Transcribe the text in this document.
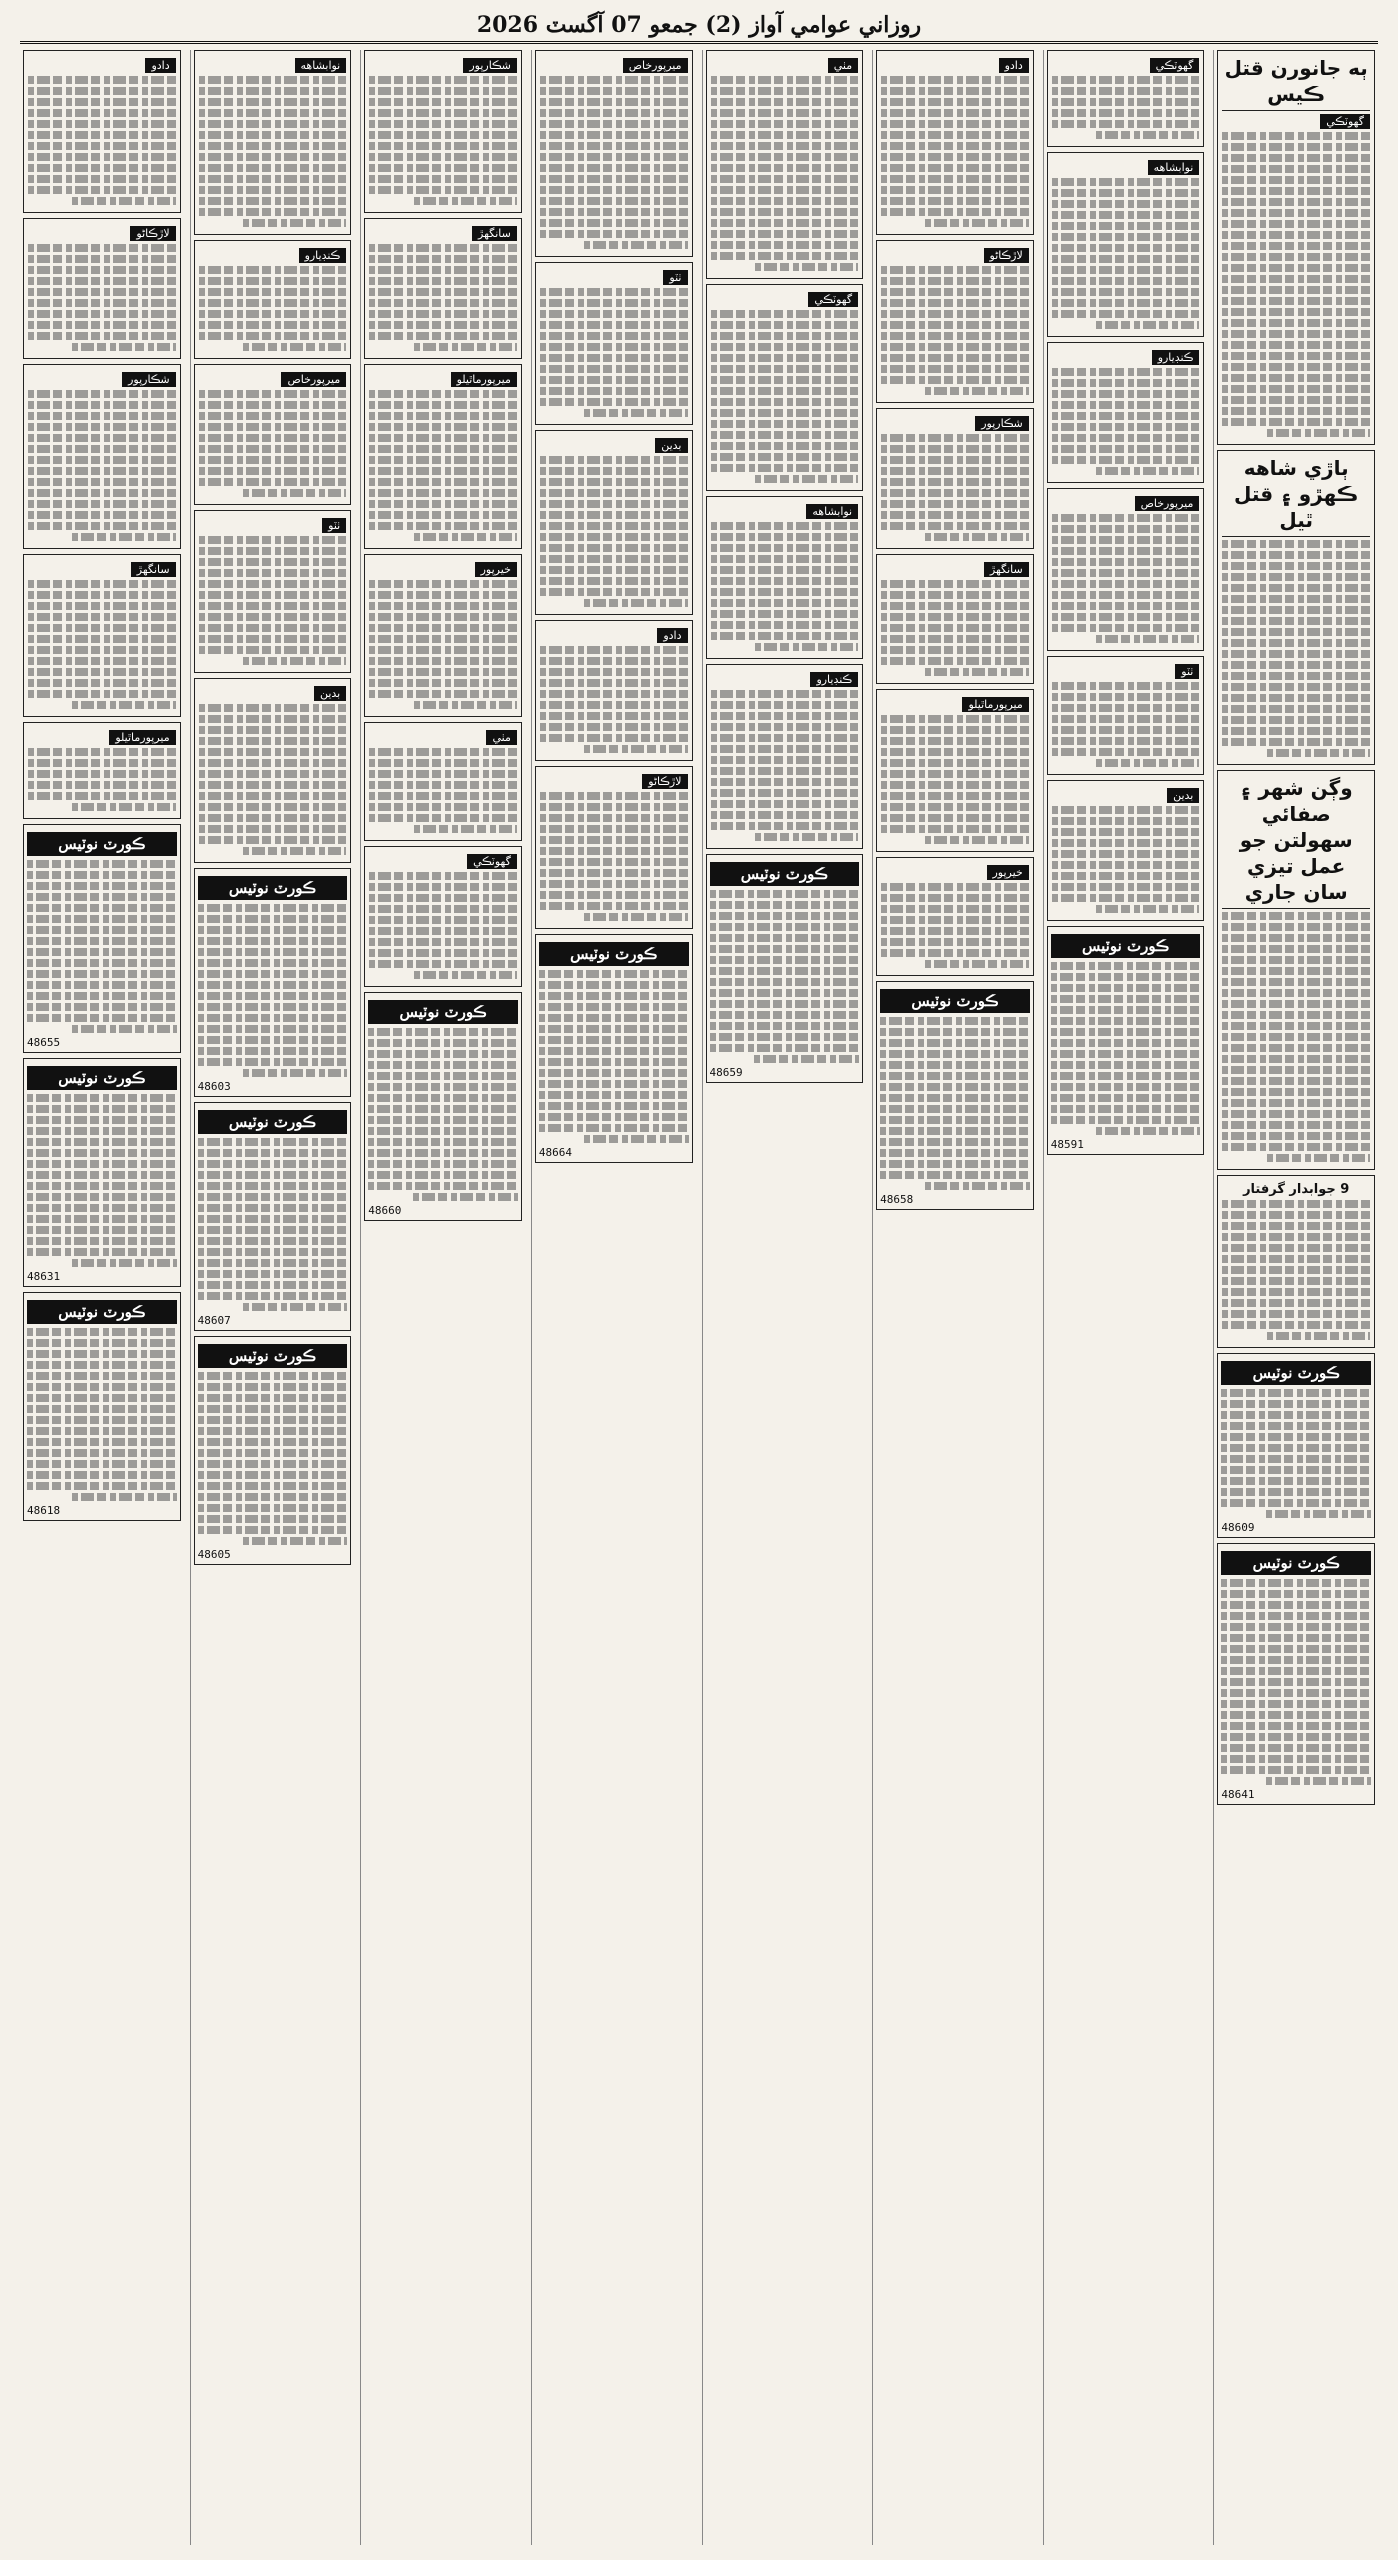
روزاني عوامي آواز (2) جمعو 07 آگسٽ 2026
ٻه جانورن قتل ڪيس
گهوٽڪي
ٻاڙي شاهه ڪهڙو ۽ قتل ٿيل
وڳن شهر ۽ صفائي سهولتن جو عمل تيزي سان جاري
9 جوابدار گرفتار
ڪورٽ نوٽيس
48609
ڪورٽ نوٽيس
48641
گهوٽڪي
نوابشاهه
ڪنڊيارو
ميرپورخاص
ٺٽو
بدين
ڪورٽ نوٽيس
48591
دادو
لاڙڪاڻو
شڪارپور
سانگهڙ
ميرپورماٿيلو
خيرپور
ڪورٽ نوٽيس
48658
مٺي
گهوٽڪي
نوابشاهه
ڪنڊيارو
ڪورٽ نوٽيس
48659
ميرپورخاص
ٺٽو
بدين
دادو
لاڙڪاڻو
ڪورٽ نوٽيس
48664
شڪارپور
سانگهڙ
ميرپورماٿيلو
خيرپور
مٺي
گهوٽڪي
ڪورٽ نوٽيس
48660
نوابشاهه
ڪنڊيارو
ميرپورخاص
ٺٽو
بدين
ڪورٽ نوٽيس
48603
ڪورٽ نوٽيس
48607
ڪورٽ نوٽيس
48605
دادو
لاڙڪاڻو
شڪارپور
سانگهڙ
ميرپورماٿيلو
ڪورٽ نوٽيس
48655
ڪورٽ نوٽيس
48631
ڪورٽ نوٽيس
48618
